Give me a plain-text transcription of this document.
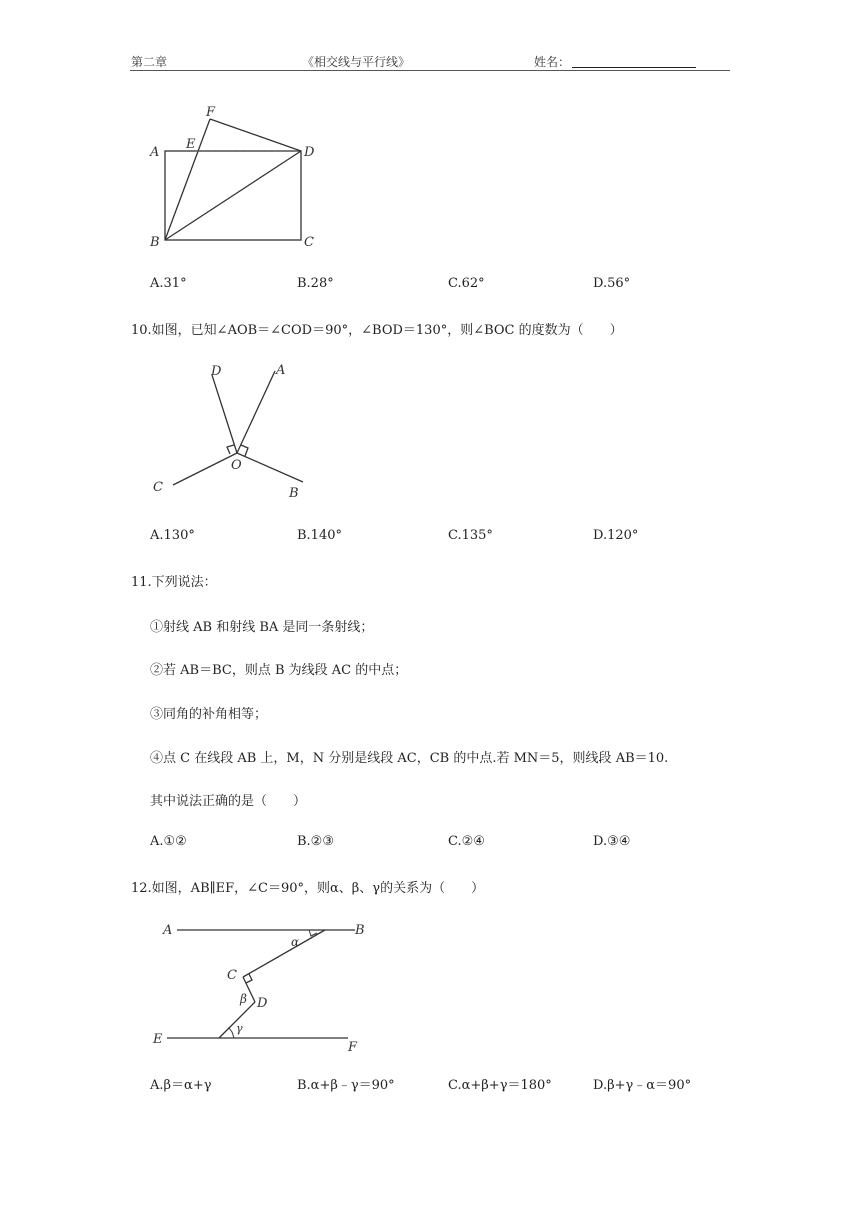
第二章	《相交线与平行线》	姓名：
A
E
F
D
B	C
A.31°	B.28°	C.62°	D.56°
10.如图，已知∠AOB＝∠COD＝90°，∠BOD＝130°，则∠BOC 的度数为（　　）
D	A
O
C	B
A.130°	B.140°	C.135°	D.120°
11.下列说法：
①射线 AB 和射线 BA 是同一条射线；
②若 AB＝BC，则点 B 为线段 AC 的中点；
③同角的补角相等；
④点 C 在线段 AB 上，M，N 分别是线段 AC，CB 的中点.若 MN＝5，则线段 AB＝10.
其中说法正确的是（　　）
A.①②	B.②③	C.②④	D.③④
12.如图，AB∥EF，∠C＝90°，则α、β、γ的关系为（　　）
A	B
α
C
β D
γ
E
F
A.β＝α+γ	B.α+β﹣γ＝90°	C.α+β+γ＝180°	D.β+γ﹣α＝90°
